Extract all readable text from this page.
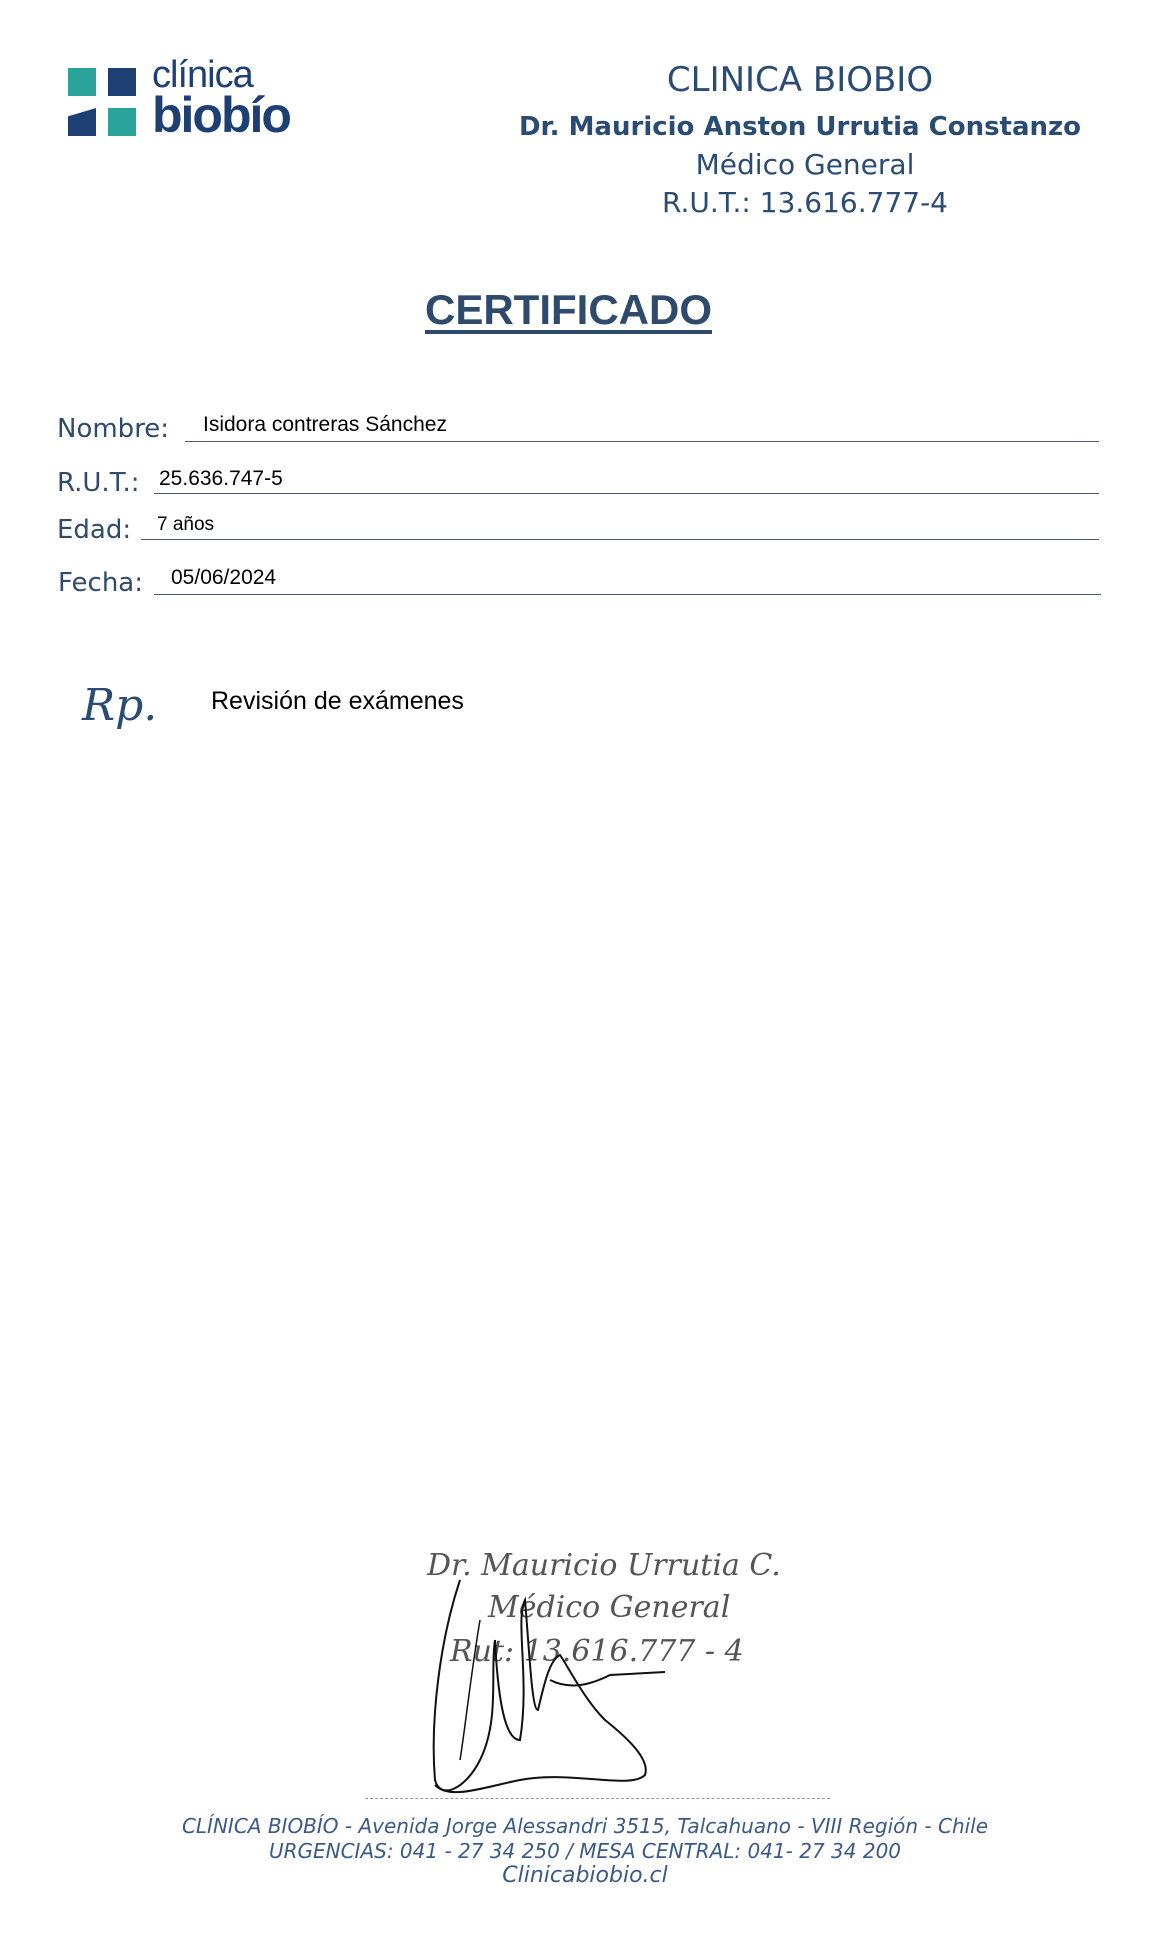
clínica
biobío
CLINICA BIOBIO
Dr. Mauricio Anston Urrutia Constanzo
Médico General
R.U.T.: 13.616.777-4
CERTIFICADO
Nombre: Isidora contreras Sánchez
R.U.T.: 25.636.747-5
Edad: 7 años
Fecha: 05/06/2024
Rp. Revisión de exámenes
Dr. Mauricio Urrutia C.
Médico General
Rut: 13.616.777 - 4
CLÍNICA BIOBÍO - Avenida Jorge Alessandri 3515, Talcahuano - VIII Región - Chile
URGENCIAS: 041 - 27 34 250 / MESA CENTRAL: 041- 27 34 200
Clinicabiobio.cl
